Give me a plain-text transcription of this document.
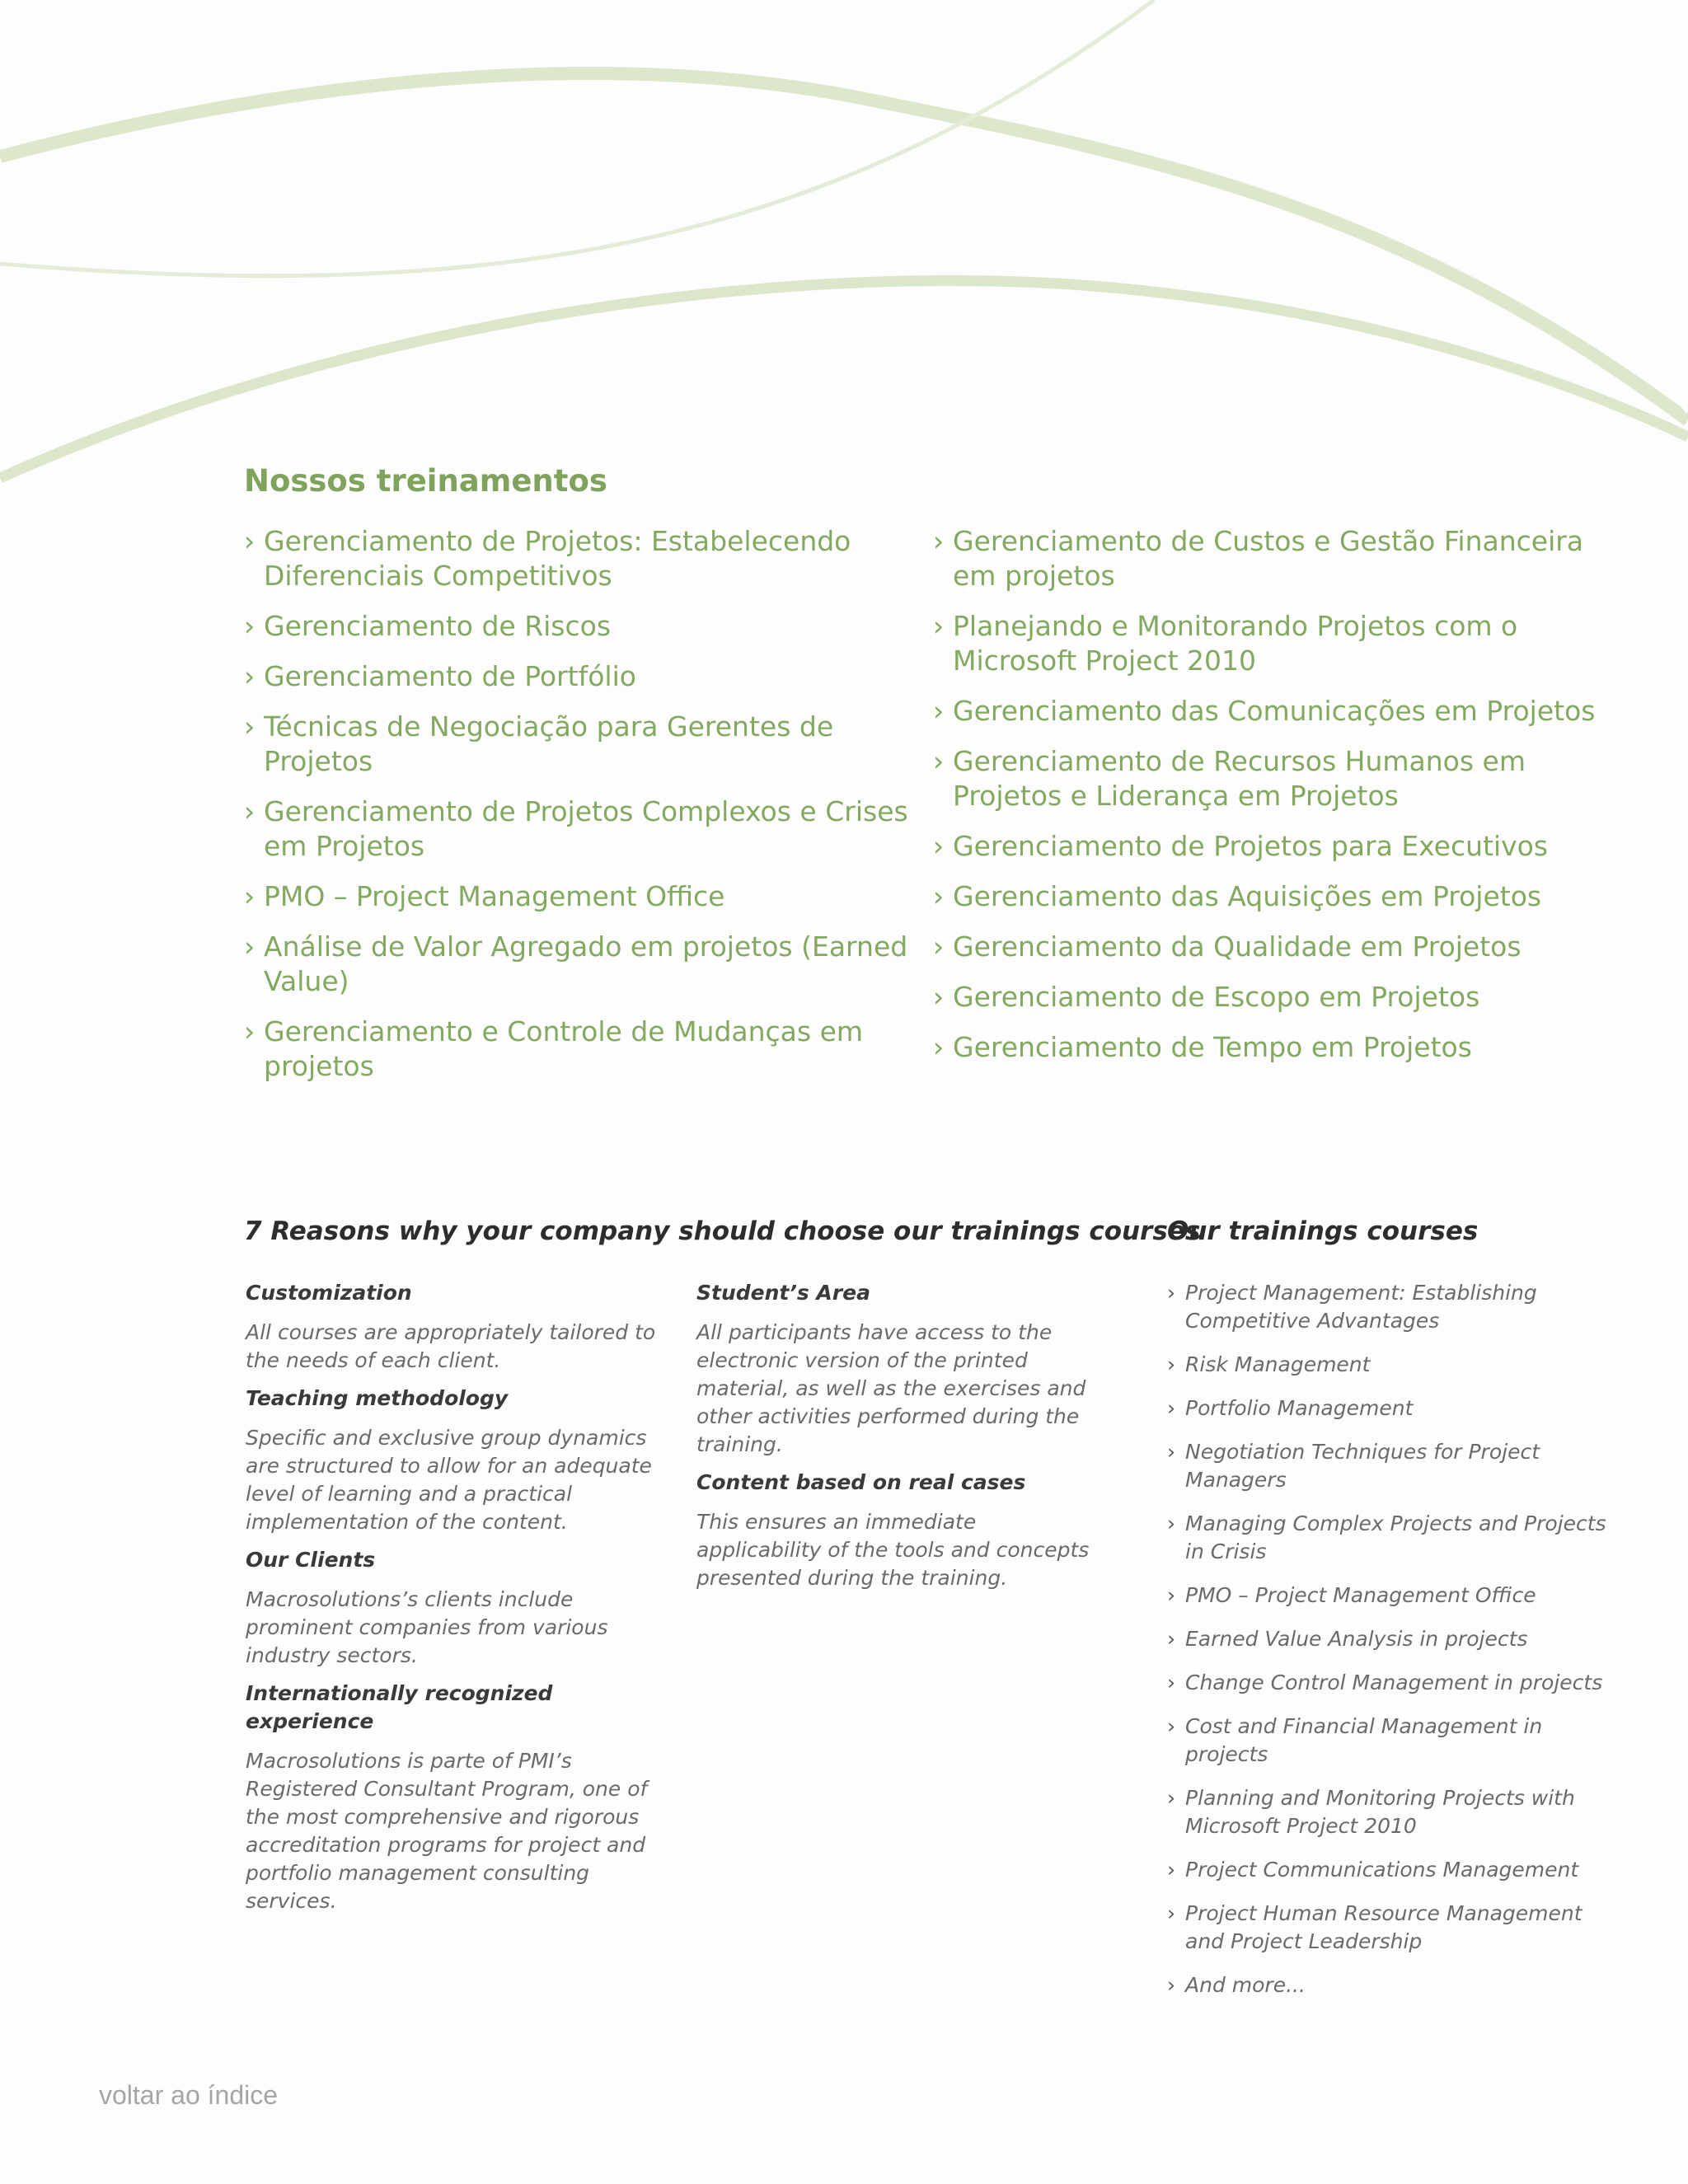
Nossos treinamentos
› Gerenciamento de Projetos: Estabelecendo Diferenciais Competitivos
› Gerenciamento de Riscos
› Gerenciamento de Portfólio
› Técnicas de Negociação para Gerentes de Projetos
› Gerenciamento de Projetos Complexos e Crises em Projetos
› PMO – Project Management Office
› Análise de Valor Agregado em projetos (Earned Value)
› Gerenciamento e Controle de Mudanças em projetos
› Gerenciamento de Custos e Gestão Financeira em projetos
› Planejando e Monitorando Projetos com o Microsoft Project 2010
› Gerenciamento das Comunicações em Projetos
› Gerenciamento de Recursos Humanos em Projetos e Liderança em Projetos
› Gerenciamento de Projetos para Executivos
› Gerenciamento das Aquisições em Projetos
› Gerenciamento da Qualidade em Projetos
› Gerenciamento de Escopo em Projetos
› Gerenciamento de Tempo em Projetos
7 Reasons why your company should choose our trainings courses
Our trainings courses

Customization

All courses are appropriately tailored to the needs of each client.

Teaching methodology

Specific and exclusive group dynamics are structured to allow for an adequate level of learning and a practical implementation of the content.

Our Clients

Macrosolutions’s clients include prominent companies from various industry sectors.

Internationally recognized experience

Macrosolutions is parte of PMI’s Registered Consultant Program, one of the most comprehensive and rigorous accreditation programs for project and portfolio management consulting services.

Student’s Area

All participants have access to the electronic version of the printed material, as well as the exercises and other activities performed during the training.

Content based on real cases

This ensures an immediate applicability of the tools and concepts presented during the training.

› Project Management: Establishing Competitive Advantages
› Risk Management
› Portfolio Management
› Negotiation Techniques for Project Managers
› Managing Complex Projects and Projects in Crisis
› PMO – Project Management Office
› Earned Value Analysis in projects
› Change Control Management in projects
› Cost and Financial Management in projects
› Planning and Monitoring Projects with Microsoft Project 2010
› Project Communications Management
› Project Human Resource Management and Project Leadership
› And more...
voltar ao índice
